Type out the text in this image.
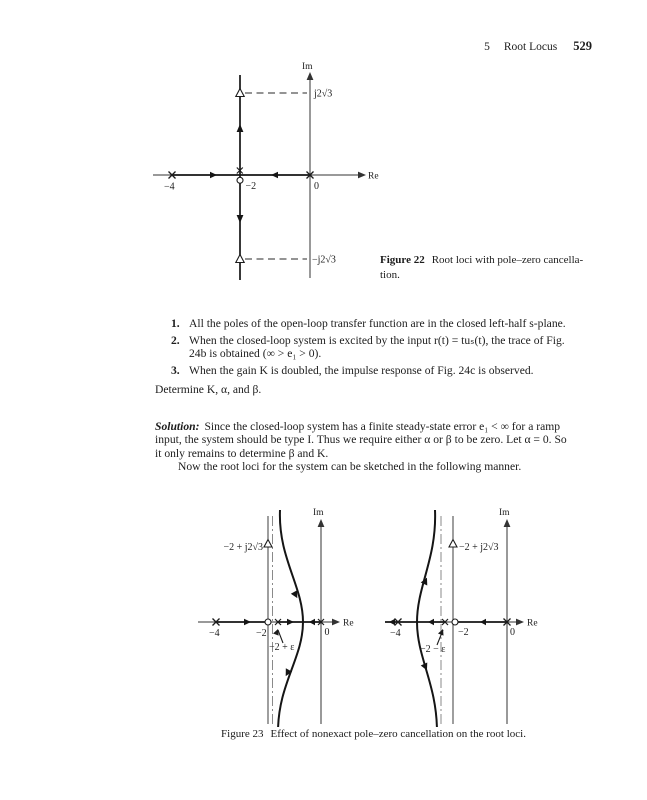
5 Root Locus 529
Re
Im
j2√3
−j2√3
−4	−2	0
Figure 22 Root loci with pole–zero cancella-
tion.
1. All the poles of the open-loop transfer function are in the closed left-half s-plane.
2. When the closed-loop system is excited by the input r(t) = tuₛ(t), the trace of Fig.
24b is obtained (∞ > e₁ > 0).
3. When the gain K is doubled, the impulse response of Fig. 24c is observed.
Determine K, α, and β.
Solution: Since the closed-loop system has a finite steady-state error e₁ < ∞ for a ramp
input, the system should be type I. Thus we require either α or β to be zero. Let α = 0. So
it only remains to determine β and K.
Now the root loci for the system can be sketched in the following manner.
Re
Im
−2 + j2√3
−4	−2	0
−2 + ε
Re
Im
−2 + j2√3
−4	−2	0
−2 − ε
Figure 23 Effect of nonexact pole–zero cancellation on the root loci.
